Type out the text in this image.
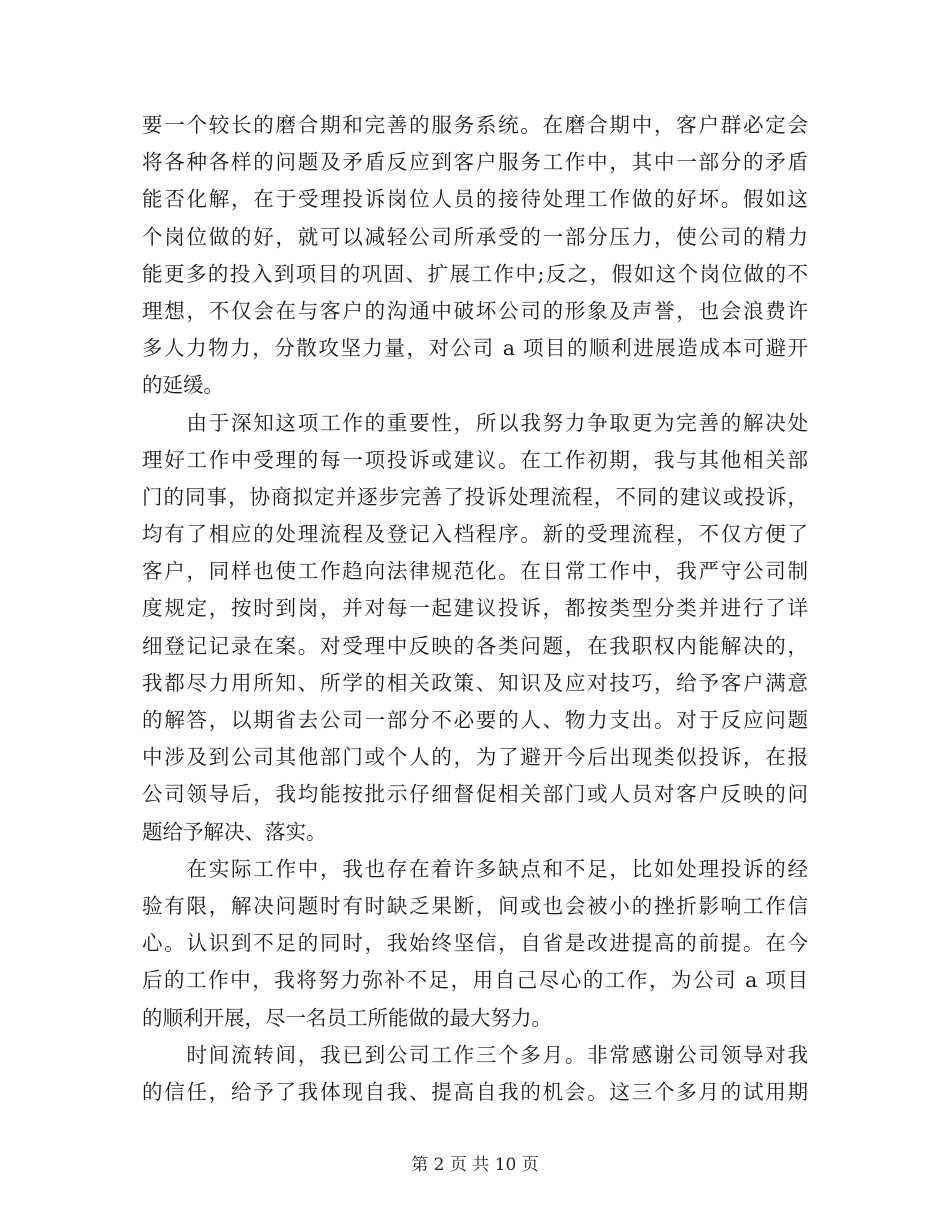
要一个较长的磨合期和完善的服务系统。在磨合期中，客户群必定会
将各种各样的问题及矛盾反应到客户服务工作中，其中一部分的矛盾
能否化解，在于受理投诉岗位人员的接待处理工作做的好坏。假如这
个岗位做的好，就可以减轻公司所承受的一部分压力，使公司的精力
能更多的投入到项目的巩固、扩展工作中;反之，假如这个岗位做的不
理想，不仅会在与客户的沟通中破坏公司的形象及声誉，也会浪费许
多人力物力，分散攻坚力量，对公司 a 项目的顺利进展造成本可避开
的延缓。
　　由于深知这项工作的重要性，所以我努力争取更为完善的解决处
理好工作中受理的每一项投诉或建议。在工作初期，我与其他相关部
门的同事，协商拟定并逐步完善了投诉处理流程，不同的建议或投诉，
均有了相应的处理流程及登记入档程序。新的受理流程，不仅方便了
客户，同样也使工作趋向法律规范化。在日常工作中，我严守公司制
度规定，按时到岗，并对每一起建议投诉，都按类型分类并进行了详
细登记记录在案。对受理中反映的各类问题，在我职权内能解决的，
我都尽力用所知、所学的相关政策、知识及应对技巧，给予客户满意
的解答，以期省去公司一部分不必要的人、物力支出。对于反应问题
中涉及到公司其他部门或个人的，为了避开今后出现类似投诉，在报
公司领导后，我均能按批示仔细督促相关部门或人员对客户反映的问
题给予解决、落实。
　　在实际工作中，我也存在着许多缺点和不足，比如处理投诉的经
验有限，解决问题时有时缺乏果断，间或也会被小的挫折影响工作信
心。认识到不足的同时，我始终坚信，自省是改进提高的前提。在今
后的工作中，我将努力弥补不足，用自己尽心的工作，为公司 a 项目
的顺利开展，尽一名员工所能做的最大努力。
　　时间流转间，我已到公司工作三个多月。非常感谢公司领导对我
的信任，给予了我体现自我、提高自我的机会。这三个多月的试用期
第 2 页 共 10 页
